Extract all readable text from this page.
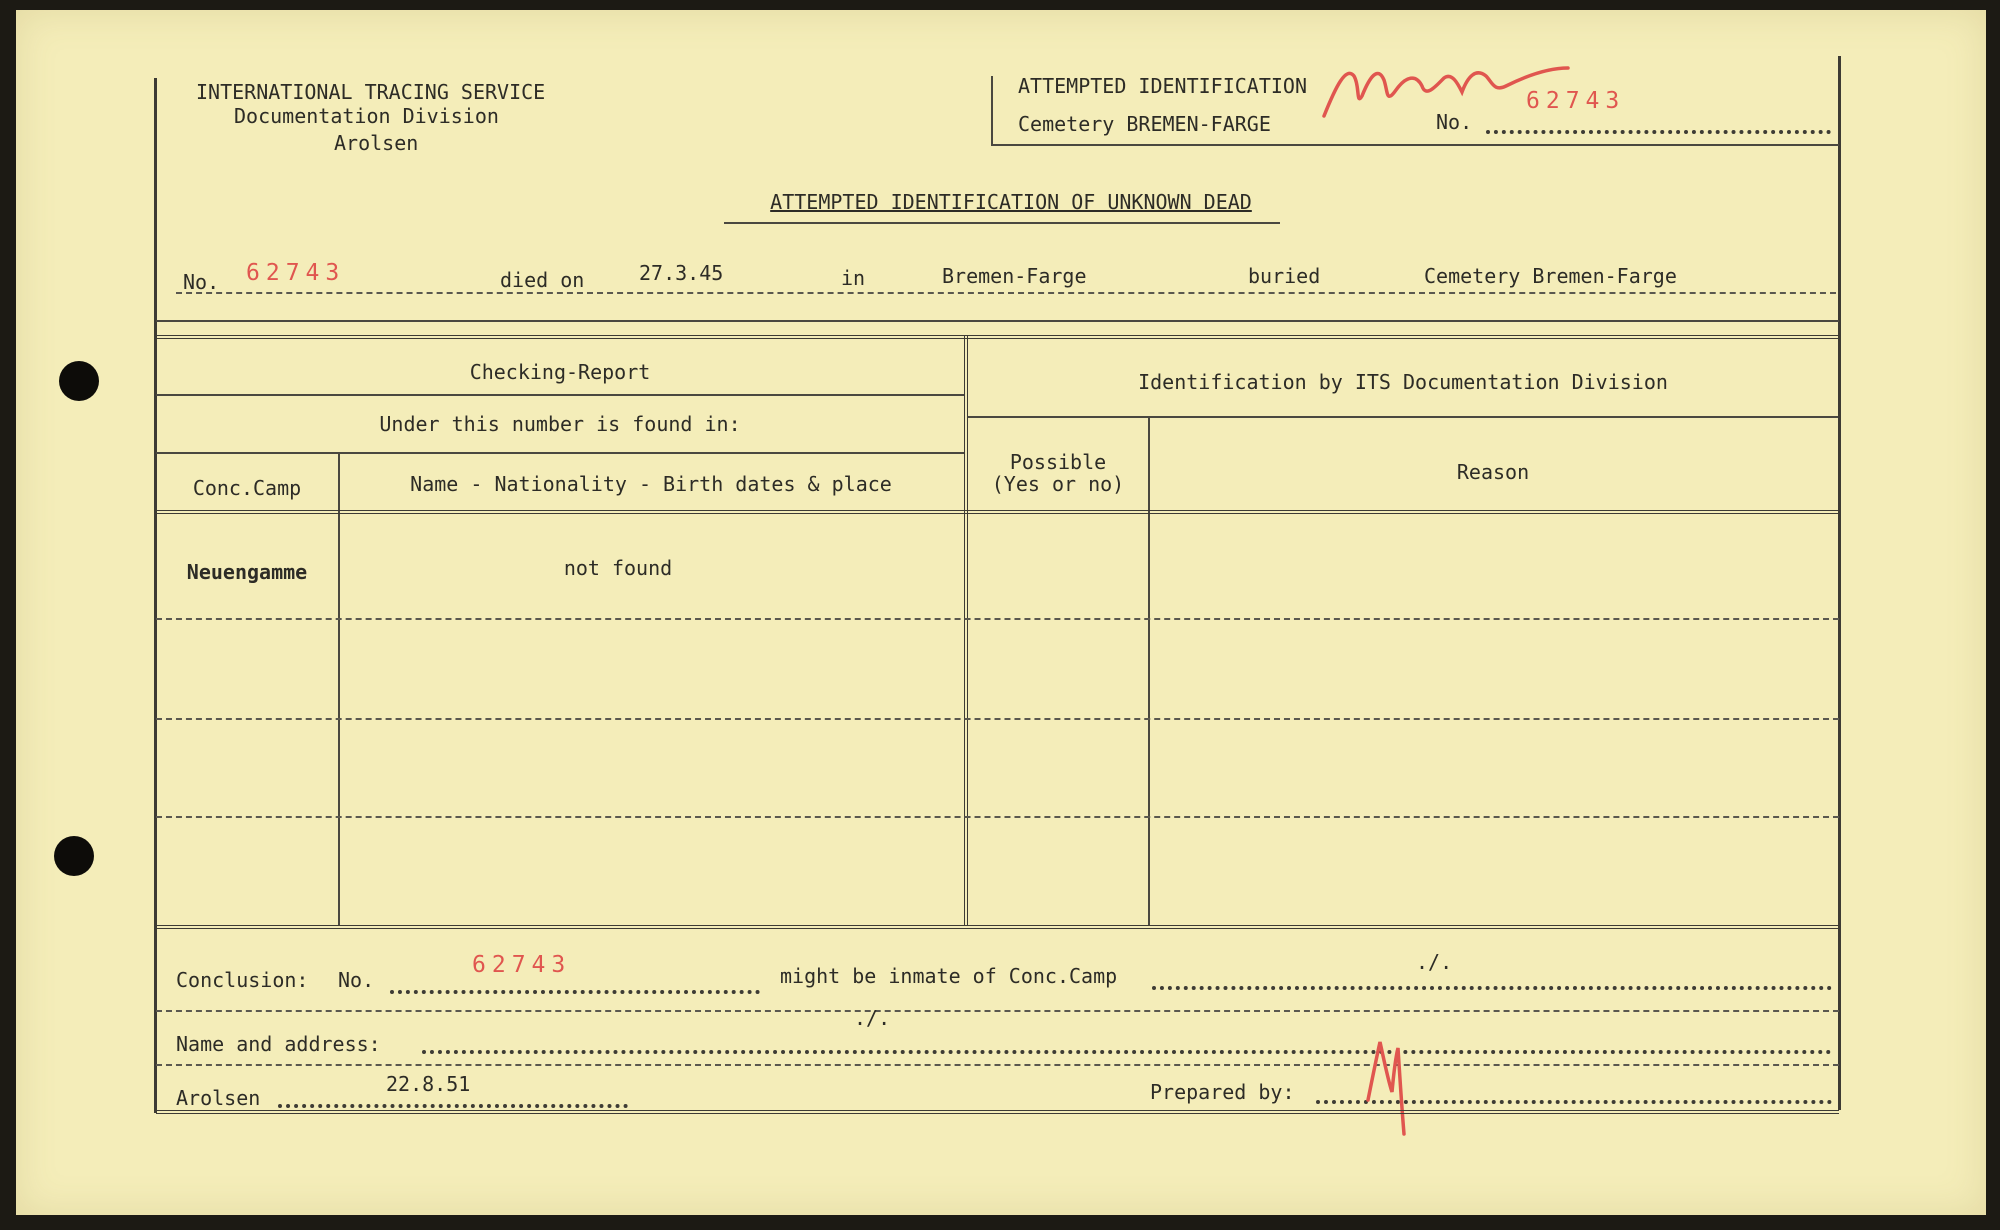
INTERNATIONAL TRACING SERVICE
Documentation Division
Arolsen
ATTEMPTED IDENTIFICATION
Cemetery BREMEN-FARGE	No.
62743
ATTEMPTED IDENTIFICATION OF UNKNOWN DEAD
No. 62743	died on	27.3.45	in	Bremen-Farge	buried	Cemetery Bremen-Farge
Checking-Report
Under this number is found in:
Conc.Camp	Name - Nationality - Birth dates & place
Identification by ITS Documentation Division
Possible
(Yes or no)	Reason
Neuengamme	not found
Conclusion: No.
62743	might be inmate of Conc.Camp
./.
Name and address:
./.
Arolsen
22.8.51	Prepared by:
